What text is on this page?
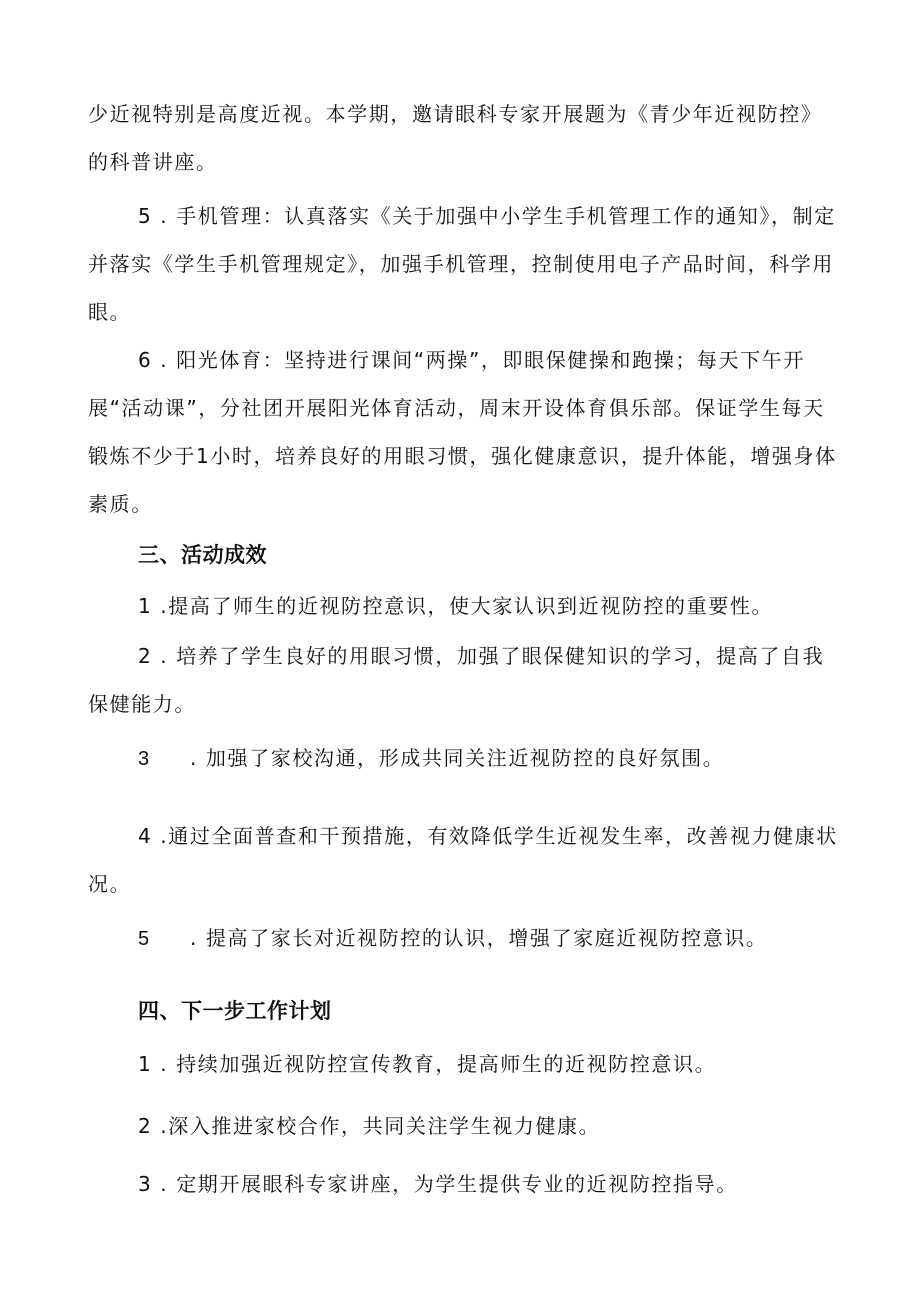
少近视特别是高度近视。本学期，邀请眼科专家开展题为《青少年近视防控》的科普讲座。

5 . 手机管理：认真落实《关于加强中小学生手机管理工作的通知》，制定并落实《学生手机管理规定》，加强手机管理，控制使用电子产品时间，科学用眼。

6 . 阳光体育：坚持进行课间“两操”，即眼保健操和跑操；每天下午开展“活动课”，分社团开展阳光体育活动，周末开设体育俱乐部。保证学生每天锻炼不少于1小时，培养良好的用眼习惯，强化健康意识，提升体能，增强身体素质。

三、活动成效

1 .提高了师生的近视防控意识，使大家认识到近视防控的重要性。

2 . 培养了学生良好的用眼习惯，加强了眼保健知识的学习，提高了自我保健能力。

3 . 加强了家校沟通，形成共同关注近视防控的良好氛围。

4 .通过全面普查和干预措施，有效降低学生近视发生率，改善视力健康状况。

5 . 提高了家长对近视防控的认识，增强了家庭近视防控意识。

四、下一步工作计划

1 . 持续加强近视防控宣传教育，提高师生的近视防控意识。

2 .深入推进家校合作，共同关注学生视力健康。

3 . 定期开展眼科专家讲座，为学生提供专业的近视防控指导。
